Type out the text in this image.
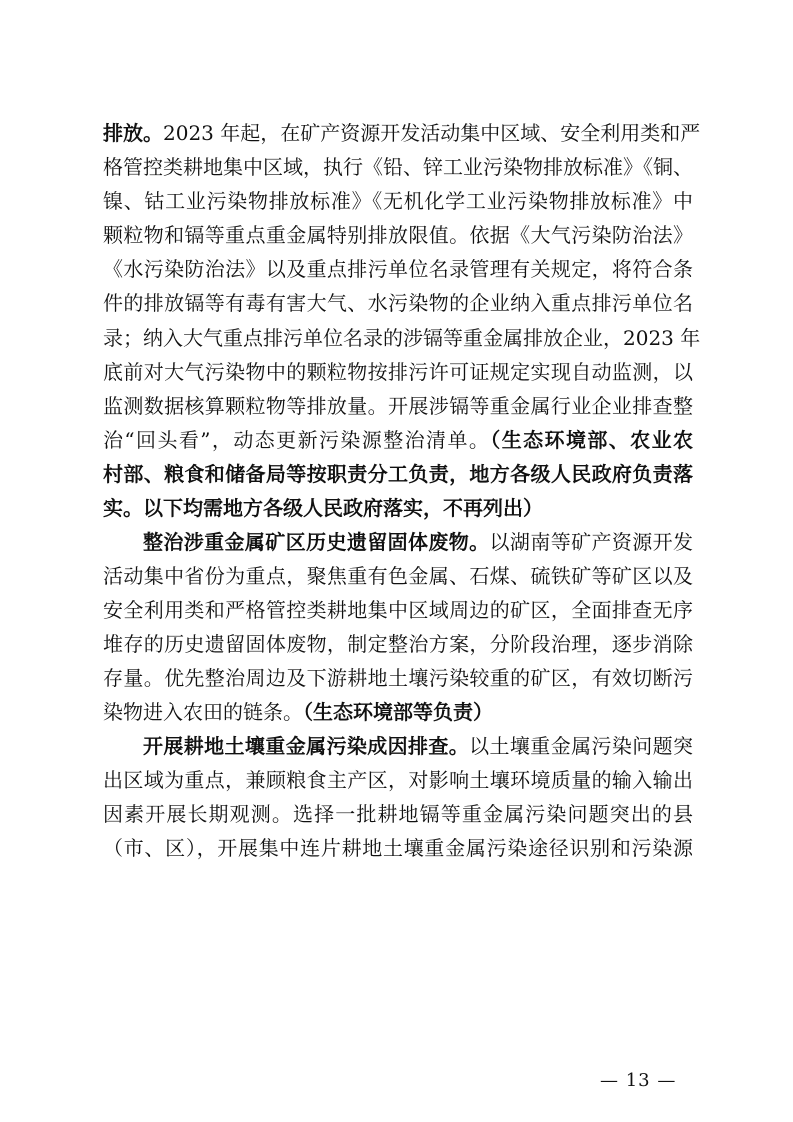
排放。2023 年起，在矿产资源开发活动集中区域、安全利用类和严
格管控类耕地集中区域，执行《铅、锌工业污染物排放标准》《铜、
镍、钴工业污染物排放标准》《无机化学工业污染物排放标准》中
颗粒物和镉等重点重金属特别排放限值。依据《大气污染防治法》
《水污染防治法》以及重点排污单位名录管理有关规定，将符合条
件的排放镉等有毒有害大气、水污染物的企业纳入重点排污单位名
录；纳入大气重点排污单位名录的涉镉等重金属排放企业，2023 年
底前对大气污染物中的颗粒物按排污许可证规定实现自动监测，以
监测数据核算颗粒物等排放量。开展涉镉等重金属行业企业排查整
治“回头看”，动态更新污染源整治清单。（生态环境部、农业农
村部、粮食和储备局等按职责分工负责，地方各级人民政府负责落
实。以下均需地方各级人民政府落实，不再列出）
整治涉重金属矿区历史遗留固体废物。以湖南等矿产资源开发
活动集中省份为重点，聚焦重有色金属、石煤、硫铁矿等矿区以及
安全利用类和严格管控类耕地集中区域周边的矿区，全面排查无序
堆存的历史遗留固体废物，制定整治方案，分阶段治理，逐步消除
存量。优先整治周边及下游耕地土壤污染较重的矿区，有效切断污
染物进入农田的链条。（生态环境部等负责）
开展耕地土壤重金属污染成因排查。以土壤重金属污染问题突
出区域为重点，兼顾粮食主产区，对影响土壤环境质量的输入输出
因素开展长期观测。选择一批耕地镉等重金属污染问题突出的县
（市、区），开展集中连片耕地土壤重金属污染途径识别和污染源
— 13 —
